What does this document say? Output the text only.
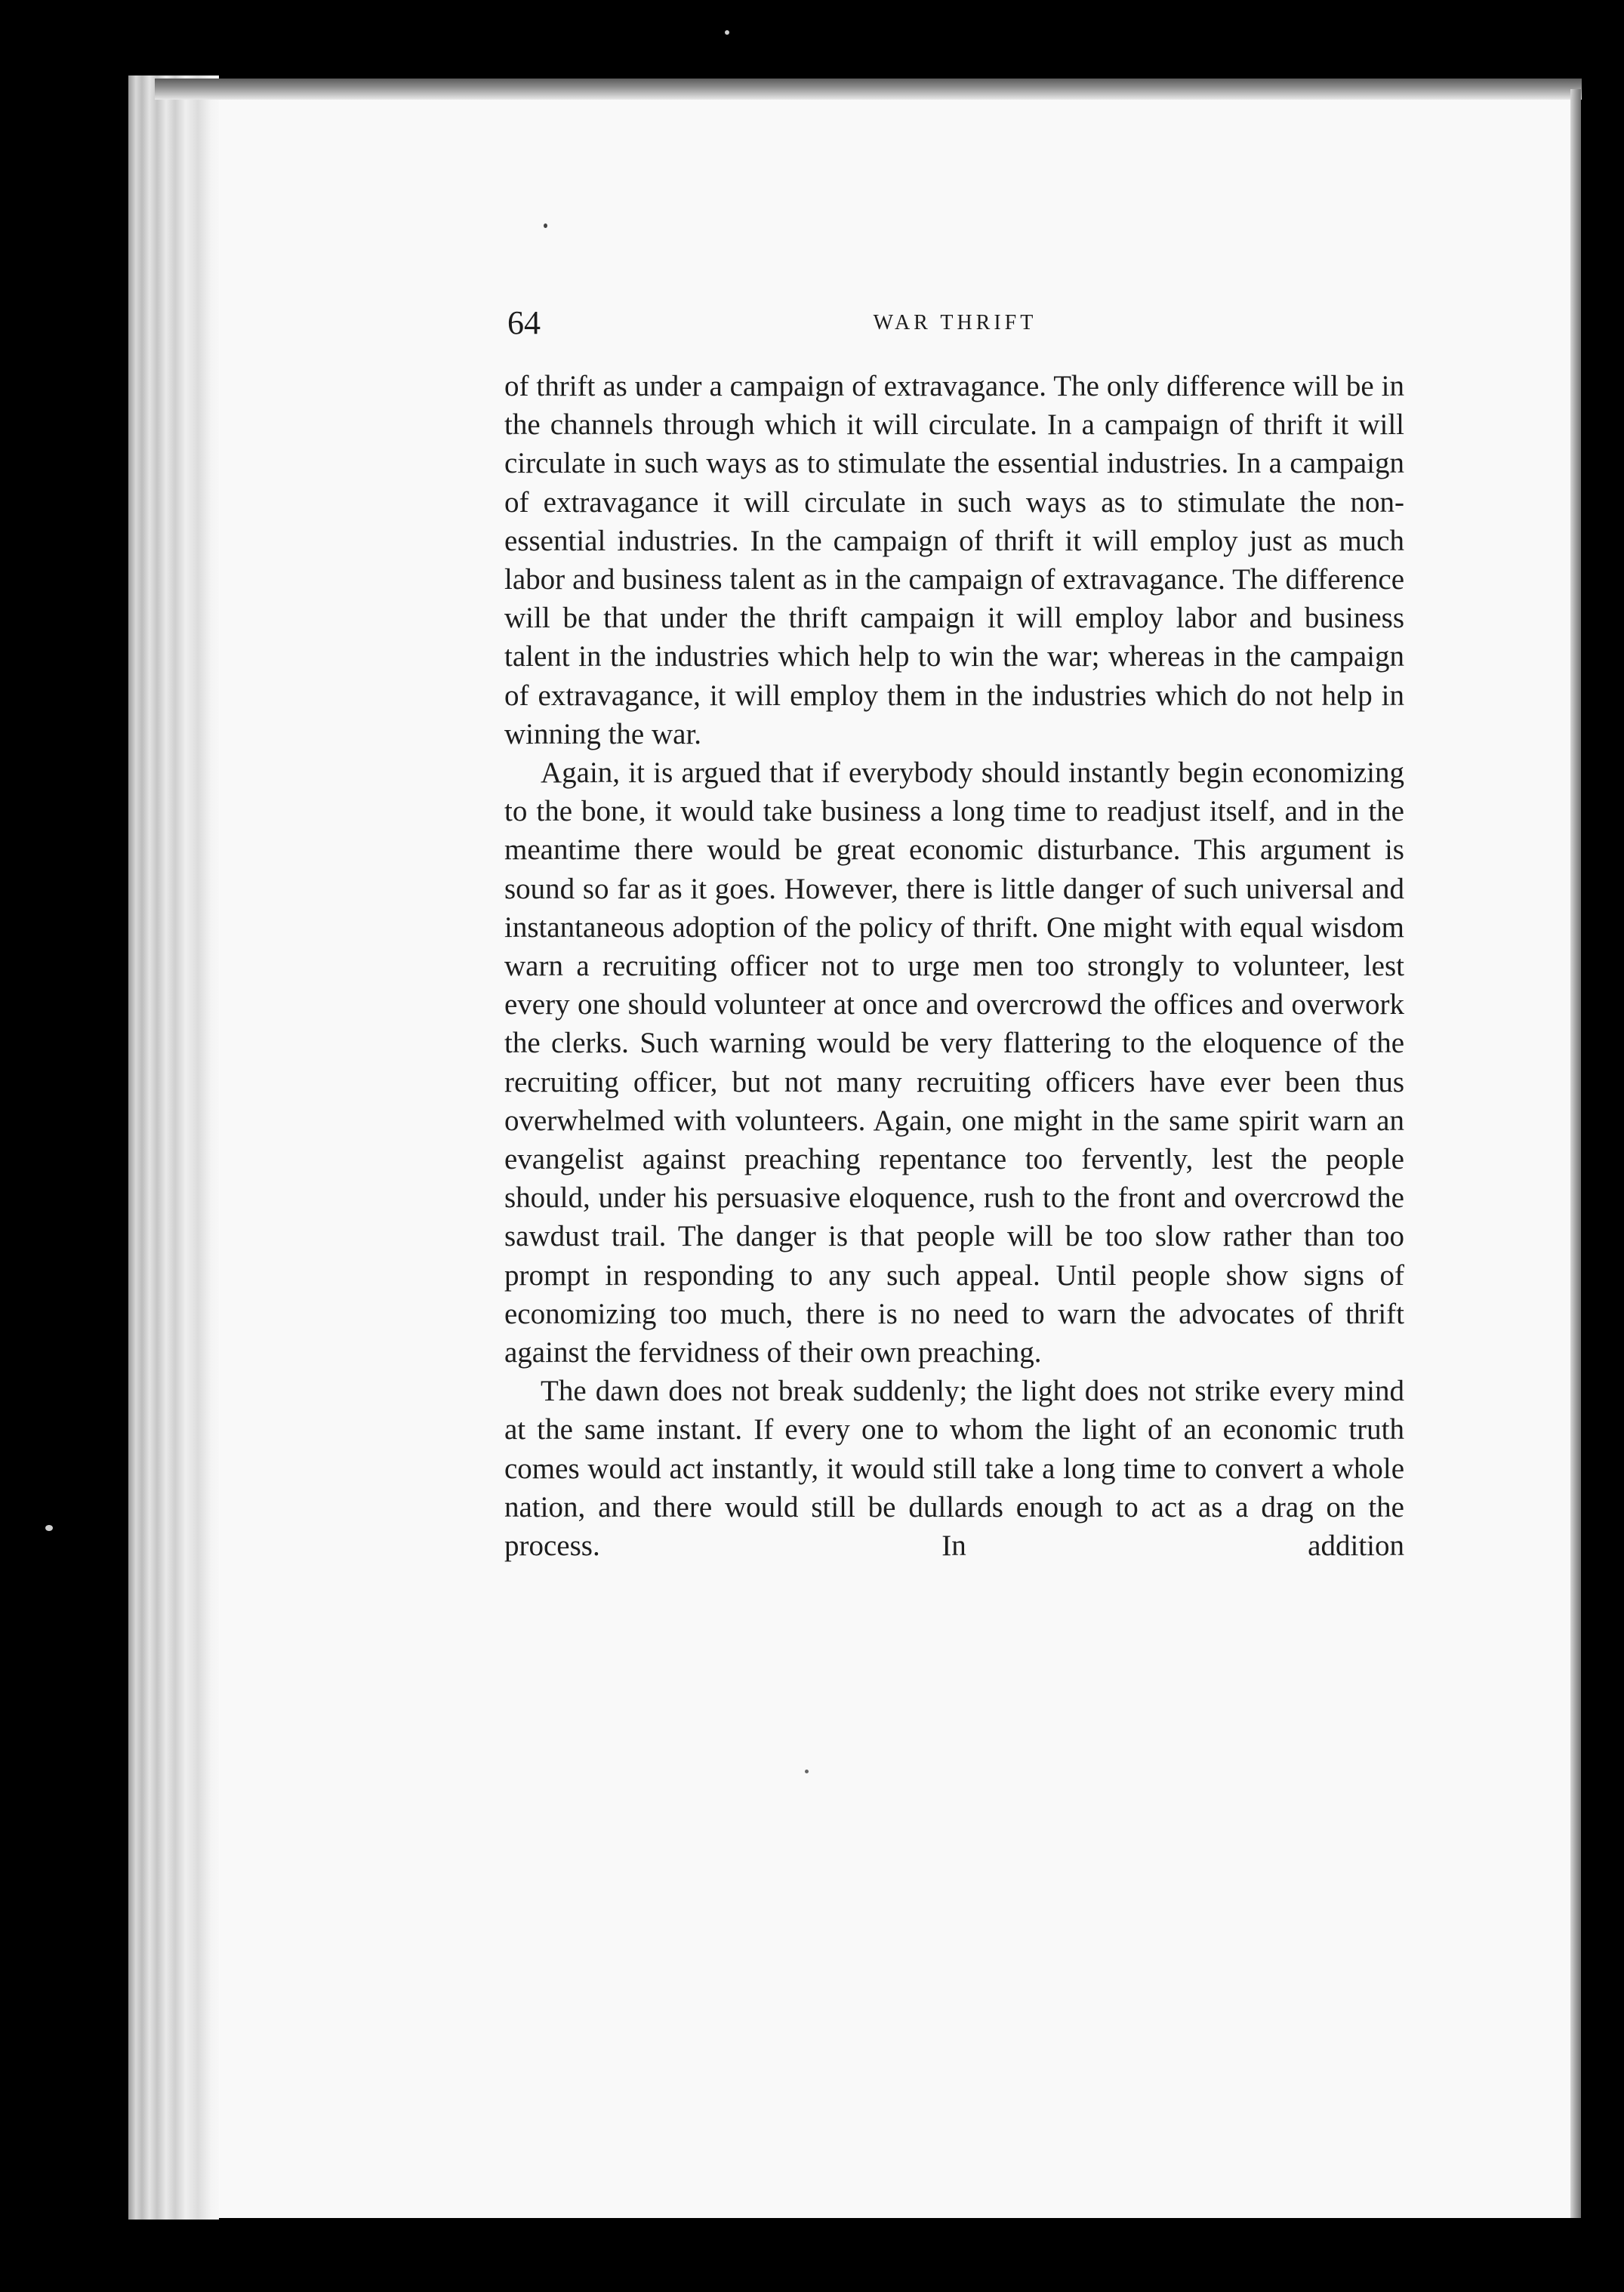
64	WAR THRIFT

of thrift as under a campaign of extravagance. The only difference will be in the channels through which it will circulate. In a campaign of thrift it will circulate in such ways as to stimulate the essential industries. In a campaign of extravagance it will circulate in such ways as to stimulate the non-essential industries. In the campaign of thrift it will employ just as much labor and business talent as in the campaign of extravagance. The difference will be that under the thrift campaign it will employ labor and business talent in the industries which help to win the war; whereas in the campaign of extravagance, it will employ them in the industries which do not help in winning the war.

Again, it is argued that if everybody should instantly begin economizing to the bone, it would take business a long time to readjust itself, and in the meantime there would be great economic disturbance. This argument is sound so far as it goes. However, there is little danger of such universal and instantaneous adoption of the policy of thrift. One might with equal wisdom warn a recruiting officer not to urge men too strongly to volunteer, lest every one should volunteer at once and overcrowd the offices and overwork the clerks. Such warning would be very flattering to the eloquence of the recruiting officer, but not many recruiting officers have ever been thus overwhelmed with volunteers. Again, one might in the same spirit warn an evangelist against preaching repentance too fervently, lest the people should, under his persuasive eloquence, rush to the front and overcrowd the sawdust trail. The danger is that people will be too slow rather than too prompt in responding to any such appeal. Until people show signs of economizing too much, there is no need to warn the advocates of thrift against the fervidness of their own preaching.

The dawn does not break suddenly; the light does not strike every mind at the same instant. If every one to whom the light of an economic truth comes would act instantly, it would still take a long time to convert a whole nation, and there would still be dullards enough to act as a drag on the process. In addition
